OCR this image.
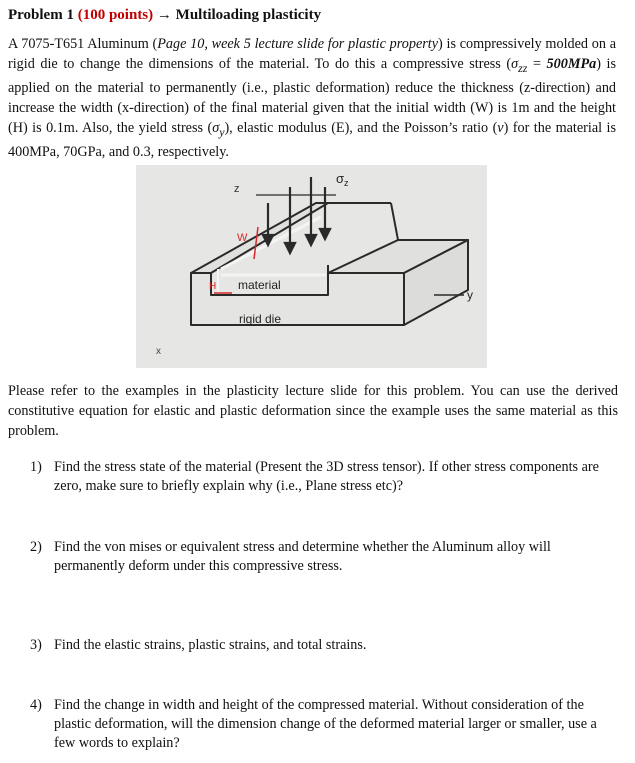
Problem 1 (100 points) → Multiloading plasticity
A 7075-T651 Aluminum (Page 10, week 5 lecture slide for plastic property) is compressively molded on a rigid die to change the dimensions of the material. To do this a compressive stress $(\sigma_{zz} = 500MPa)$ is applied on the material to permanently (i.e., plastic deformation) reduce the thickness (z-direction) and increase the width (x-direction) of the final material given that the initial width (W) is 1m and the height (H) is 0.1m. Also, the yield stress $(\sigma_y)$, elastic modulus (E), and the Poisson’s ratio (ν) for the material is 400MPa, 70GPa, and 0.3, respectively.
$\sigma_z$
z
W
H material
rigid die
y
x
Please refer to the examples in the plasticity lecture slide for this problem. You can use the derived constitutive equation for elastic and plastic deformation since the example uses the same material as this problem.
1) Find the stress state of the material (Present the 3D stress tensor). If other stress components are zero, make sure to briefly explain why (i.e., Plane stress etc)?
2) Find the von mises or equivalent stress and determine whether the Aluminum alloy will permanently deform under this compressive stress.
3) Find the elastic strains, plastic strains, and total strains.
4) Find the change in width and height of the compressed material. Without consideration of the plastic deformation, will the dimension change of the deformed material larger or smaller, use a few words to explain?
